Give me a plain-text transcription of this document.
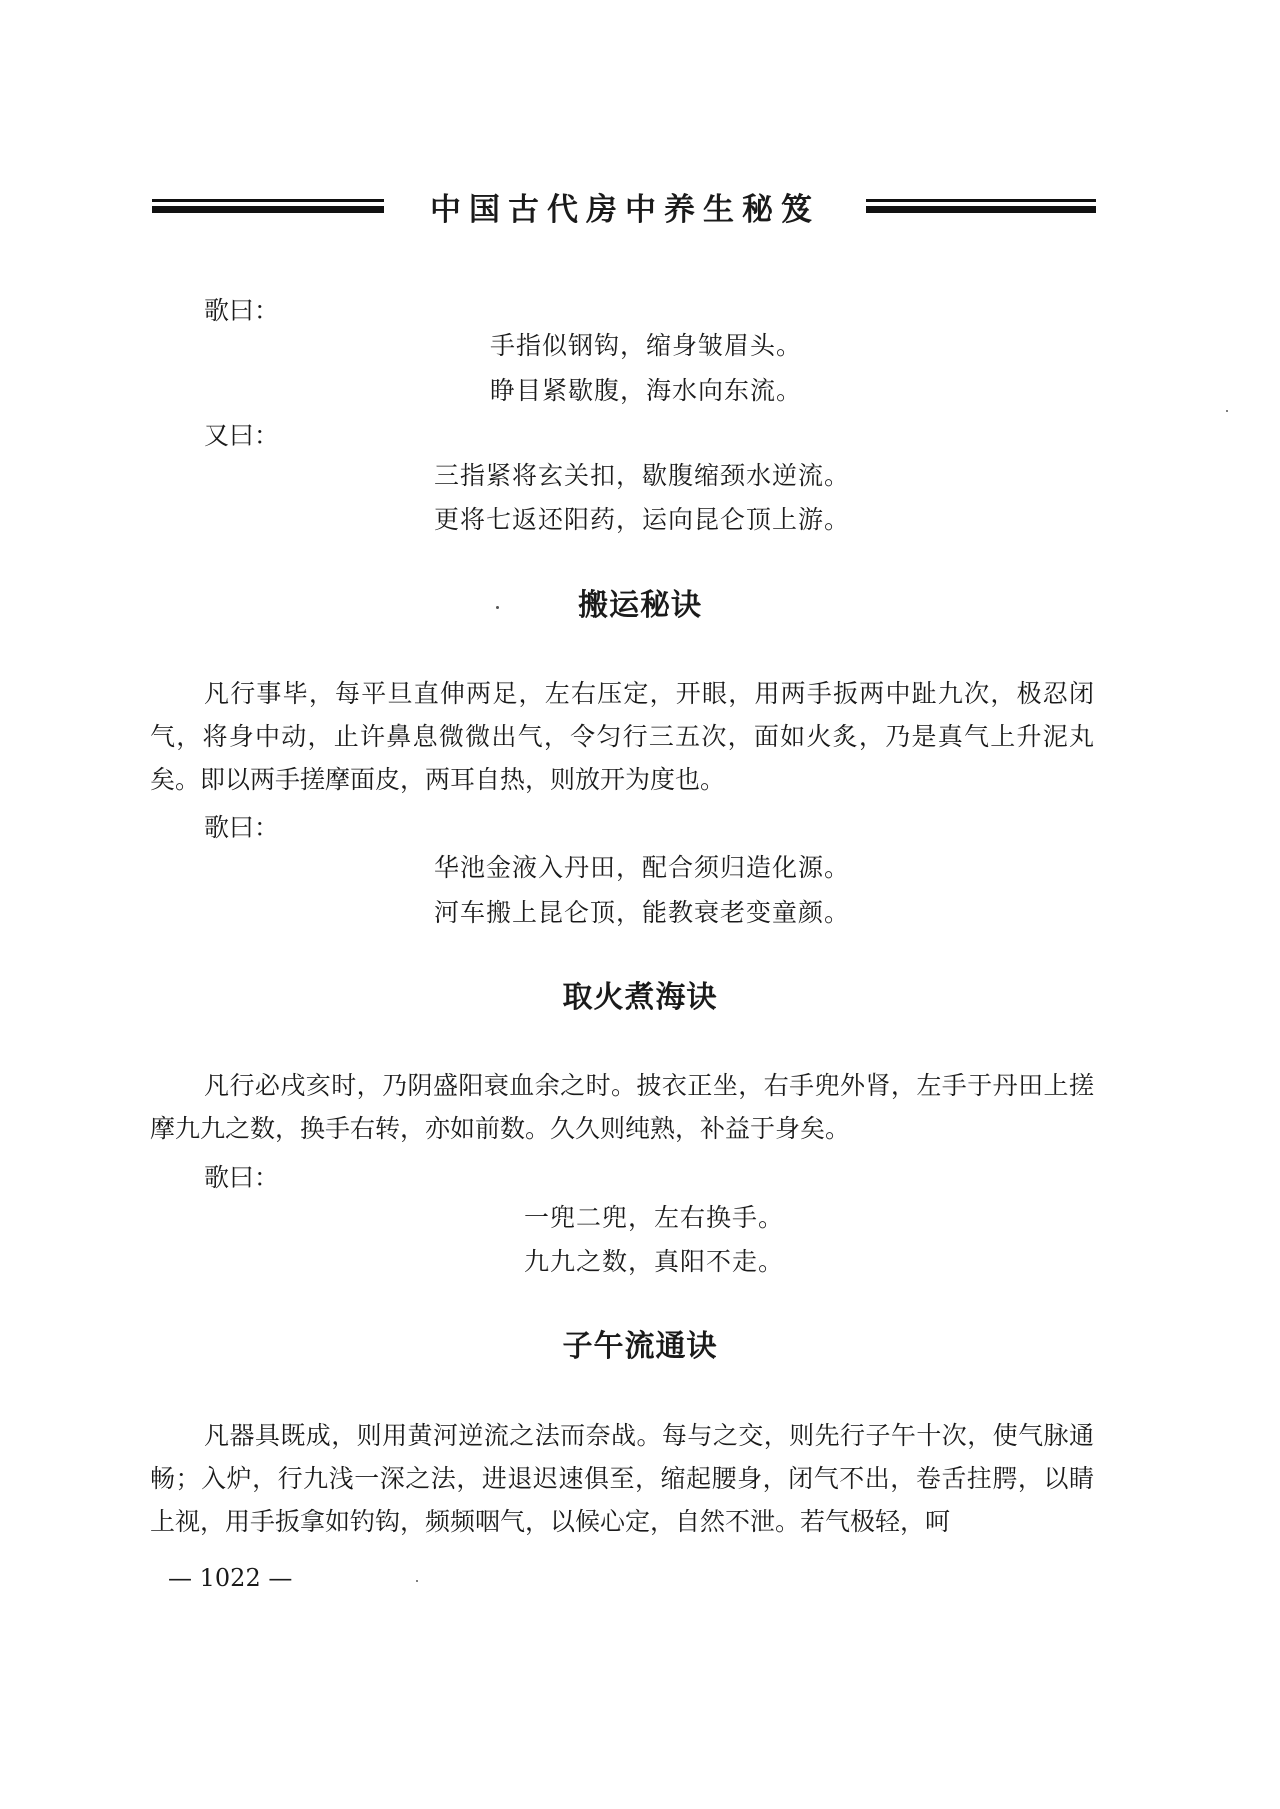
中国古代房中养生秘笈
歌曰：
手指似钢钩，缩身皱眉头。
睁目紧歇腹，海水向东流。
又曰：
三指紧将玄关扣，歇腹缩颈水逆流。
更将七返还阳药，运向昆仑顶上游。
搬运秘诀
凡行事毕，每平旦直伸两足，左右压定，开眼，用两手扳两中趾九次，极忍闭气，将身中动，止许鼻息微微出气，令匀行三五次，面如火炙，乃是真气上升泥丸矣。即以两手搓摩面皮，两耳自热，则放开为度也。
歌曰：
华池金液入丹田，配合须归造化源。
河车搬上昆仑顶，能教衰老变童颜。
取火煮海诀
凡行必戌亥时，乃阴盛阳衰血余之时。披衣正坐，右手兜外肾，左手于丹田上搓摩九九之数，换手右转，亦如前数。久久则纯熟，补益于身矣。
歌曰：
一兜二兜，左右换手。
九九之数，真阳不走。
子午流通诀
凡器具既成，则用黄河逆流之法而奈战。每与之交，则先行子午十次，使气脉通畅；入炉，行九浅一深之法，进退迟速俱至，缩起腰身，闭气不出，卷舌拄腭，以睛上视，用手扳拿如钓钩，频频咽气，以候心定，自然不泄。若气极轻，呵
— 1022 —
